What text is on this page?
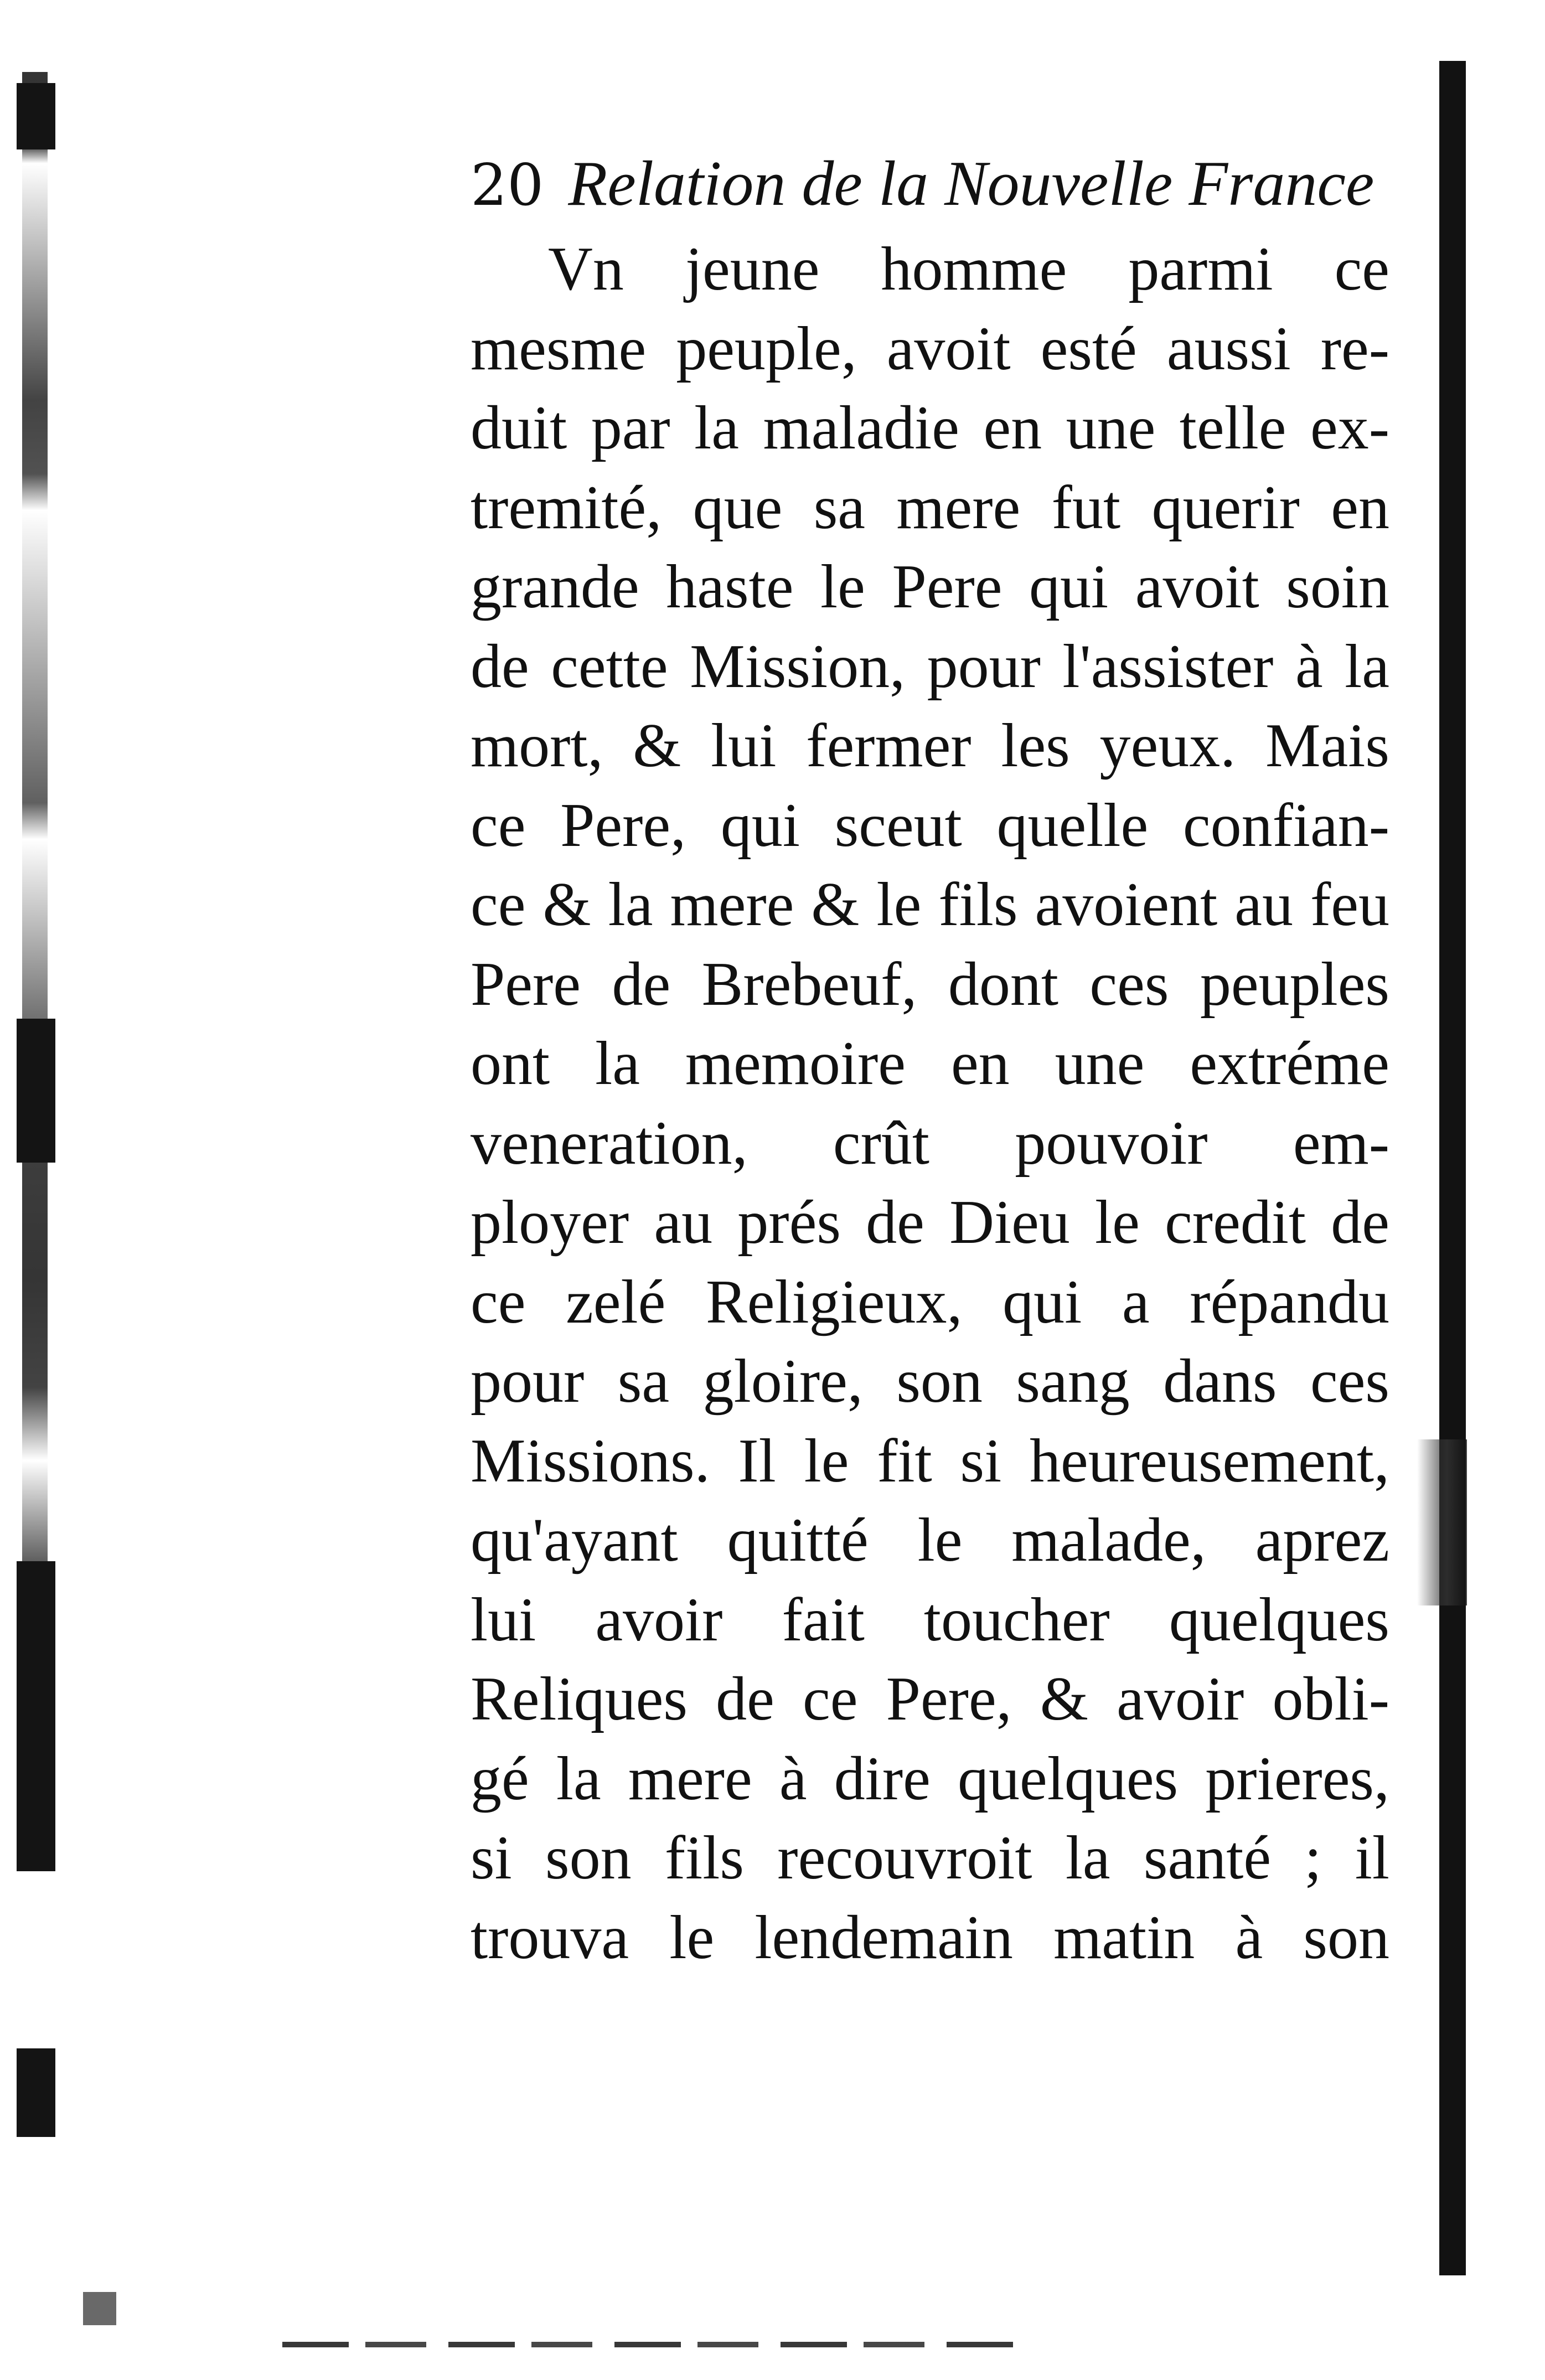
20 Relation de la Nouvelle France
Vn jeune homme parmi ce
mesme peuple, avoit esté aussi re-
duit par la maladie en une telle ex-
tremité, que sa mere fut querir en
grande haste le Pere qui avoit soin
de cette Mission, pour l'assister à la
mort, & lui fermer les yeux. Mais
ce Pere, qui sceut quelle confian-
ce & la mere & le fils avoient au feu
Pere de Brebeuf, dont ces peuples
ont la memoire en une extréme
veneration, crût pouvoir em-
ployer au prés de Dieu le credit de
ce zelé Religieux, qui a répandu
pour sa gloire, son sang dans ces
Missions. Il le fit si heureusement,
qu'ayant quitté le malade, aprez
lui avoir fait toucher quelques
Reliques de ce Pere, & avoir obli-
gé la mere à dire quelques prieres,
si son fils recouvroit la santé ; il
trouva le lendemain matin à son
